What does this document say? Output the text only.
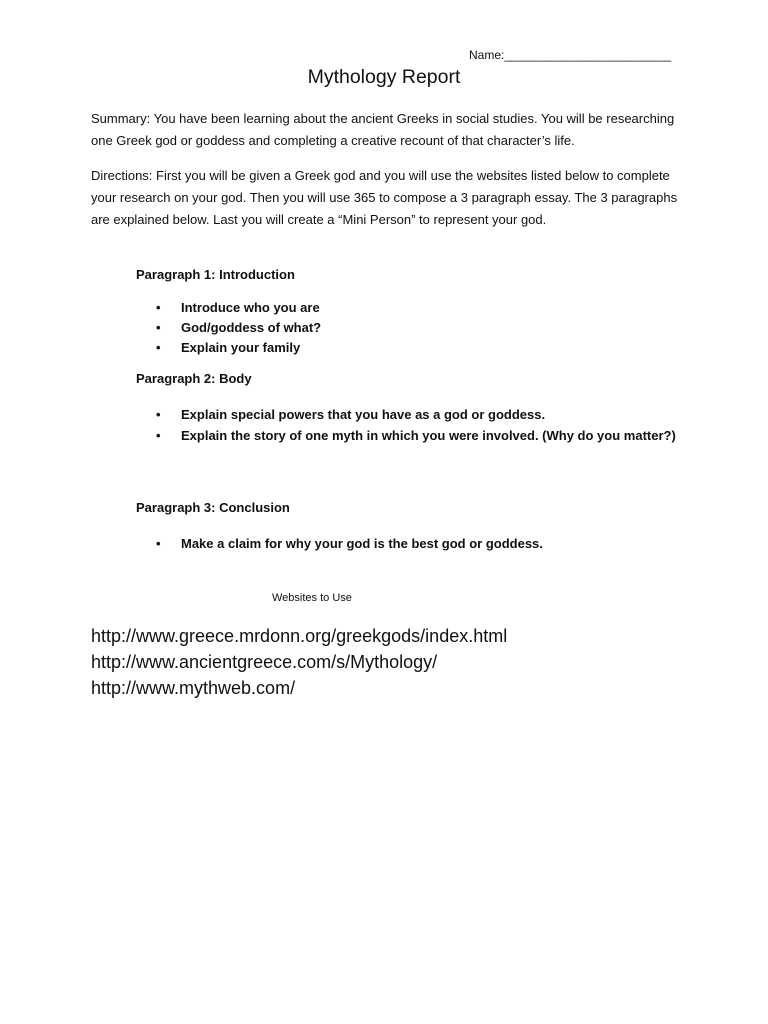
Name:_________________________
Mythology Report

Summary: You have been learning about the ancient Greeks in social studies. You will be researching one Greek god or goddess and completing a creative recount of that character’s life.

Directions: First you will be given a Greek god and you will use the websites listed below to complete your research on your god. Then you will use 365 to compose a 3 paragraph essay. The 3 paragraphs are explained below. Last you will create a “Mini Person” to represent your god.

Paragraph 1: Introduction

• Introduce who you are
• God/goddess of what?
• Explain your family

Paragraph 2: Body

• Explain special powers that you have as a god or goddess.
• Explain the story of one myth in which you were involved. (Why do you matter?)

Paragraph 3: Conclusion

• Make a claim for why your god is the best god or goddess.
Websites to Use
http://www.greece.mrdonn.org/greekgods/index.html
http://www.ancientgreece.com/s/Mythology/
http://www.mythweb.com/
